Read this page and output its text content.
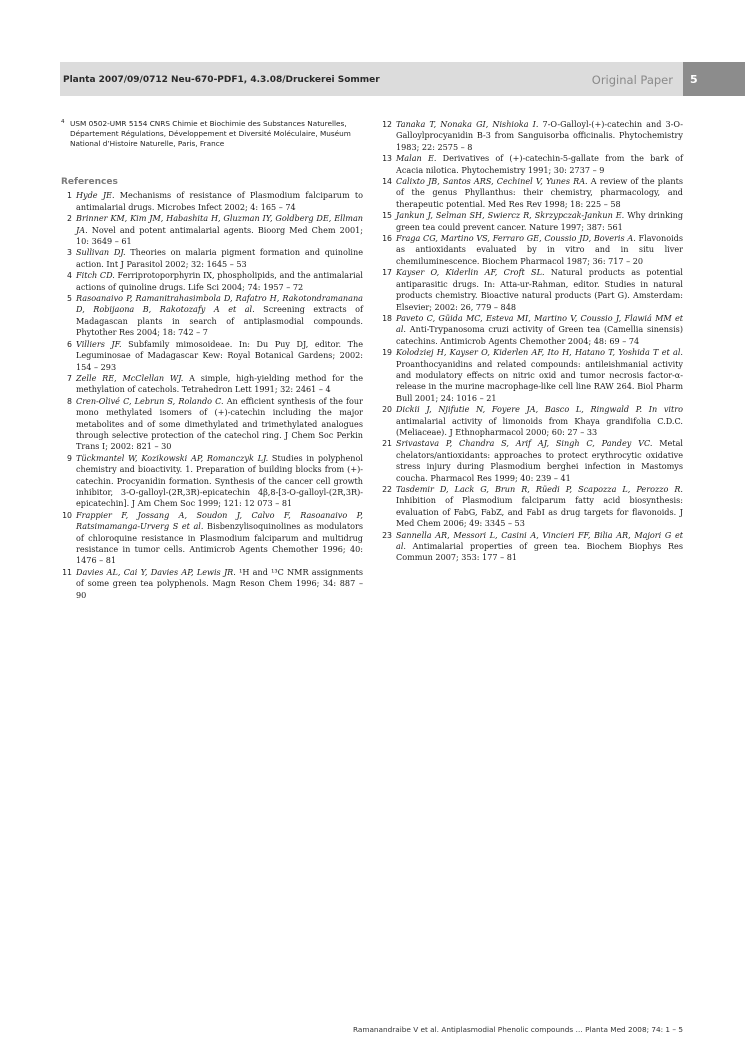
Planta 2007/09/0712 Neu-670-PDF1, 4.3.08/Druckerei Sommer	Original Paper 5
4 USM 0502-UMR 5154 CNRS Chimie et Biochimie des Substances Naturelles, Département Régulations, Développement et Diversité Moléculaire, Muséum National d’Histoire Naturelle, Paris, France
References
1 Hyde JE. Mechanisms of resistance of Plasmodium falciparum to antimalarial drugs. Microbes Infect 2002; 4: 165 – 74
2 Brinner KM, Kim JM, Habashita H, Gluzman IY, Goldberg DE, Ellman JA. Novel and potent antimalarial agents. Bioorg Med Chem 2001; 10: 3649 – 61
3 Sullivan DJ. Theories on malaria pigment formation and quinoline action. Int J Parasitol 2002; 32: 1645 – 53
4 Fitch CD. Ferriprotoporphyrin IX, phospholipids, and the antimalarial actions of quinoline drugs. Life Sci 2004; 74: 1957 – 72
5 Rasoanaivo P, Ramanitrahasimbola D, Rafatro H, Rakotondramanana D, Robijaona B, Rakotozafy A et al. Screening extracts of Madagascan plants in search of antiplasmodial compounds. Phytother Res 2004; 18: 742 – 7
6 Villiers JF. Subfamily mimosoideae. In: Du Puy DJ, editor. The Leguminosae of Madagascar Kew: Royal Botanical Gardens; 2002: 154 – 293
7 Zelle RE, McClellan WJ. A simple, high-yielding method for the methylation of catechols. Tetrahedron Lett 1991; 32: 2461 – 4
8 Cren-Olivé C, Lebrun S, Rolando C. An efficient synthesis of the four mono methylated isomers of (+)-catechin including the major metabolites and of some dimethylated and trimethylated analogues through selective protection of the catechol ring. J Chem Soc Perkin Trans I; 2002: 821 – 30
9 Tückmantel W, Kozikowski AP, Romanczyk LJ. Studies in polyphenol chemistry and bioactivity. 1. Preparation of building blocks from (+)-catechin. Procyanidin formation. Synthesis of the cancer cell growth inhibitor, 3-O-galloyl-(2R,3R)-epicatechin 4β,8-[3-O-galloyl-(2R,3R)-epicatechin]. J Am Chem Soc 1999; 121: 12 073 – 81
10 Frappier F, Jossang A, Soudon J, Calvo F, Rasoanaivo P, Ratsimamanga-Urverg S et al. Bisbenzylisoquinolines as modulators of chloroquine resistance in Plasmodium falciparum and multidrug resistance in tumor cells. Antimicrob Agents Chemother 1996; 40: 1476 – 81
11 Davies AL, Cai Y, Davies AP, Lewis JR. ¹H and ¹³C NMR assignments of some green tea polyphenols. Magn Reson Chem 1996; 34: 887 – 90
12 Tanaka T, Nonaka GI, Nishioka I. 7-O-Galloyl-(+)-catechin and 3-O-Galloylprocyanidin B-3 from Sanguisorba officinalis. Phytochemistry 1983; 22: 2575 – 8
13 Malan E. Derivatives of (+)-catechin-5-gallate from the bark of Acacia nilotica. Phytochemistry 1991; 30: 2737 – 9
14 Calixto JB, Santos ARS, Cechinel V, Yunes RA. A review of the plants of the genus Phyllanthus: their chemistry, pharmacology, and therapeutic potential. Med Res Rev 1998; 18: 225 – 58
15 Jankun J, Selman SH, Swiercz R, Skrzypczak-Jankun E. Why drinking green tea could prevent cancer. Nature 1997; 387: 561
16 Fraga CG, Martino VS, Ferraro GE, Coussio JD, Boveris A. Flavonoids as antioxidants evaluated by in vitro and in situ liver chemiluminescence. Biochem Pharmacol 1987; 36: 717 – 20
17 Kayser O, Kiderlin AF, Croft SL. Natural products as potential antiparasitic drugs. In: Atta-ur-Rahman, editor. Studies in natural products chemistry. Bioactive natural products (Part G). Amsterdam: Elsevier; 2002: 26, 779 – 848
18 Paveto C, Güida MC, Esteva MI, Martino V, Coussio J, Flawiá MM et al. Anti-Trypanosoma cruzi activity of Green tea (Camellia sinensis) catechins. Antimicrob Agents Chemother 2004; 48: 69 – 74
19 Kolodziej H, Kayser O, Kiderlen AF, Ito H, Hatano T, Yoshida T et al. Proanthocyanidins and related compounds: antileishmanial activity and modulatory effects on nitric oxid and tumor necrosis factor-α-release in the murine macrophage-like cell line RAW 264. Biol Pharm Bull 2001; 24: 1016 – 21
20 Dickii J, Njifutie N, Foyere JA, Basco L, Ringwald P. In vitro antimalarial activity of limonoids from Khaya grandifolia C.D.C. (Meliaceae). J Ethnopharmacol 2000; 60: 27 – 33
21 Srivastava P, Chandra S, Arif AJ, Singh C, Pandey VC. Metal chelators/antioxidants: approaches to protect erythrocytic oxidative stress injury during Plasmodium berghei infection in Mastomys coucha. Pharmacol Res 1999; 40: 239 – 41
22 Tasdemir D, Lack G, Brun R, Rüedi P, Scapozza L, Perozzo R. Inhibition of Plasmodium falciparum fatty acid biosynthesis: evaluation of FabG, FabZ, and FabI as drug targets for flavonoids. J Med Chem 2006; 49: 3345 – 53
23 Sannella AR, Messori L, Casini A, Vincieri FF, Bilia AR, Majori G et al. Antimalarial properties of green tea. Biochem Biophys Res Commun 2007; 353: 177 – 81
Ramanandraibe V et al. Antiplasmodial Phenolic compounds … Planta Med 2008; 74: 1 – 5
